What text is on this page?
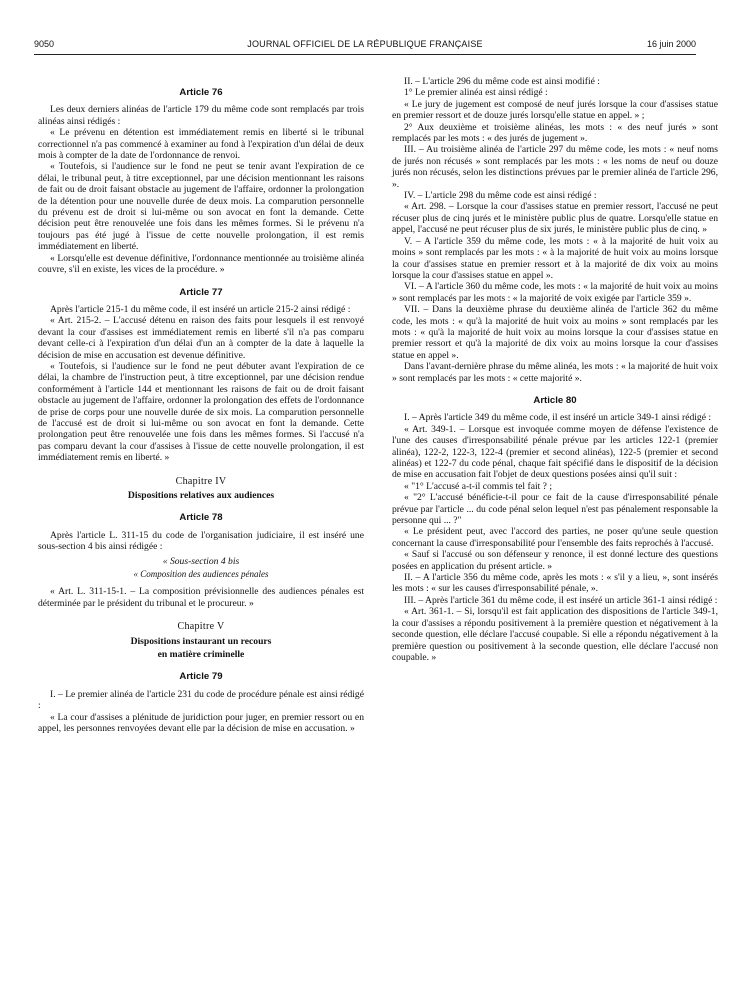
9050	JOURNAL OFFICIEL DE LA RÉPUBLIQUE FRANÇAISE	16 juin 2000
Article 76

Les deux derniers alinéas de l'article 179 du même code sont remplacés par trois alinéas ainsi rédigés :

« Le prévenu en détention est immédiatement remis en liberté si le tribunal correctionnel n'a pas commencé à examiner au fond à l'expiration d'un délai de deux mois à compter de la date de l'ordonnance de renvoi.

« Toutefois, si l'audience sur le fond ne peut se tenir avant l'expiration de ce délai, le tribunal peut, à titre exceptionnel, par une décision mentionnant les raisons de fait ou de droit faisant obstacle au jugement de l'affaire, ordonner la prolongation de la détention pour une nouvelle durée de deux mois. La comparution personnelle du prévenu est de droit si lui-même ou son avocat en font la demande. Cette décision peut être renouvelée une fois dans les mêmes formes. Si le prévenu n'a toujours pas été jugé à l'issue de cette nouvelle prolongation, il est remis immédiatement en liberté.

« Lorsqu'elle est devenue définitive, l'ordonnance mentionnée au troisième alinéa couvre, s'il en existe, les vices de la procédure. »

Article 77

Après l'article 215-1 du même code, il est inséré un article 215-2 ainsi rédigé :

« Art. 215-2. – L'accusé détenu en raison des faits pour lesquels il est renvoyé devant la cour d'assises est immédiatement remis en liberté s'il n'a pas comparu devant celle-ci à l'expiration d'un délai d'un an à compter de la date à laquelle la décision de mise en accusation est devenue définitive.

« Toutefois, si l'audience sur le fond ne peut débuter avant l'expiration de ce délai, la chambre de l'instruction peut, à titre exceptionnel, par une décision rendue conformément à l'article 144 et mentionnant les raisons de fait ou de droit faisant obstacle au jugement de l'affaire, ordonner la prolongation des effets de l'ordonnance de prise de corps pour une nouvelle durée de six mois. La comparution personnelle de l'accusé est de droit si lui-même ou son avocat en font la demande. Cette prolongation peut être renouvelée une fois dans les mêmes formes. Si l'accusé n'a pas comparu devant la cour d'assises à l'issue de cette nouvelle prolongation, il est immédiatement remis en liberté. »

Chapitre IV
Dispositions relatives aux audiences
Article 78

Après l'article L. 311-15 du code de l'organisation judiciaire, il est inséré une sous-section 4 bis ainsi rédigée :

« Sous-section 4 bis
« Composition des audiences pénales

« Art. L. 311-15-1. – La composition prévisionnelle des audiences pénales est déterminée par le président du tribunal et le procureur. »

Chapitre V
Dispositions instaurant un recours
en matière criminelle
Article 79

I. – Le premier alinéa de l'article 231 du code de procédure pénale est ainsi rédigé :

« La cour d'assises a plénitude de juridiction pour juger, en premier ressort ou en appel, les personnes renvoyées devant elle par la décision de mise en accusation. »

II. – L'article 296 du même code est ainsi modifié :

1° Le premier alinéa est ainsi rédigé :

« Le jury de jugement est composé de neuf jurés lorsque la cour d'assises statue en premier ressort et de douze jurés lorsqu'elle statue en appel. » ;

2° Aux deuxième et troisième alinéas, les mots : « des neuf jurés » sont remplacés par les mots : « des jurés de jugement ».

III. – Au troisième alinéa de l'article 297 du même code, les mots : « neuf noms de jurés non récusés » sont remplacés par les mots : « les noms de neuf ou douze jurés non récusés, selon les distinctions prévues par le premier alinéa de l'article 296, ».

IV. – L'article 298 du même code est ainsi rédigé :

« Art. 298. – Lorsque la cour d'assises statue en premier ressort, l'accusé ne peut récuser plus de cinq jurés et le ministère public plus de quatre. Lorsqu'elle statue en appel, l'accusé ne peut récuser plus de six jurés, le ministère public plus de cinq. »

V. – A l'article 359 du même code, les mots : « à la majorité de huit voix au moins » sont remplacés par les mots : « à la majorité de huit voix au moins lorsque la cour d'assises statue en premier ressort et à la majorité de dix voix au moins lorsque la cour d'assises statue en appel ».

VI. – A l'article 360 du même code, les mots : « la majorité de huit voix au moins » sont remplacés par les mots : « la majorité de voix exigée par l'article 359 ».

VII. – Dans la deuxième phrase du deuxième alinéa de l'article 362 du même code, les mots : « qu'à la majorité de huit voix au moins » sont remplacés par les mots : « qu'à la majorité de huit voix au moins lorsque la cour d'assises statue en premier ressort et qu'à la majorité de dix voix au moins lorsque la cour d'assises statue en appel ».

Dans l'avant-dernière phrase du même alinéa, les mots : « la majorité de huit voix » sont remplacés par les mots : « cette majorité ».

Article 80

I. – Après l'article 349 du même code, il est inséré un article 349-1 ainsi rédigé :

« Art. 349-1. – Lorsque est invoquée comme moyen de défense l'existence de l'une des causes d'irresponsabilité pénale prévue par les articles 122-1 (premier alinéa), 122-2, 122-3, 122-4 (premier et second alinéas), 122-5 (premier et second alinéas) et 122-7 du code pénal, chaque fait spécifié dans le dispositif de la décision de mise en accusation fait l'objet de deux questions posées ainsi qu'il suit :

« "1° L'accusé a-t-il commis tel fait ? ;

« "2° L'accusé bénéficie-t-il pour ce fait de la cause d'irresponsabilité pénale prévue par l'article ... du code pénal selon lequel n'est pas pénalement responsable la personne qui ... ?"

« Le président peut, avec l'accord des parties, ne poser qu'une seule question concernant la cause d'irresponsabilité pour l'ensemble des faits reprochés à l'accusé.

« Sauf si l'accusé ou son défenseur y renonce, il est donné lecture des questions posées en application du présent article. »

II. – A l'article 356 du même code, après les mots : « s'il y a lieu, », sont insérés les mots : « sur les causes d'irresponsabilité pénale, ».

III. – Après l'article 361 du même code, il est inséré un article 361-1 ainsi rédigé :

« Art. 361-1. – Si, lorsqu'il est fait application des dispositions de l'article 349-1, la cour d'assises a répondu positivement à la première question et négativement à la seconde question, elle déclare l'accusé coupable. Si elle a répondu négativement à la première question ou positivement à la seconde question, elle déclare l'accusé non coupable. »
